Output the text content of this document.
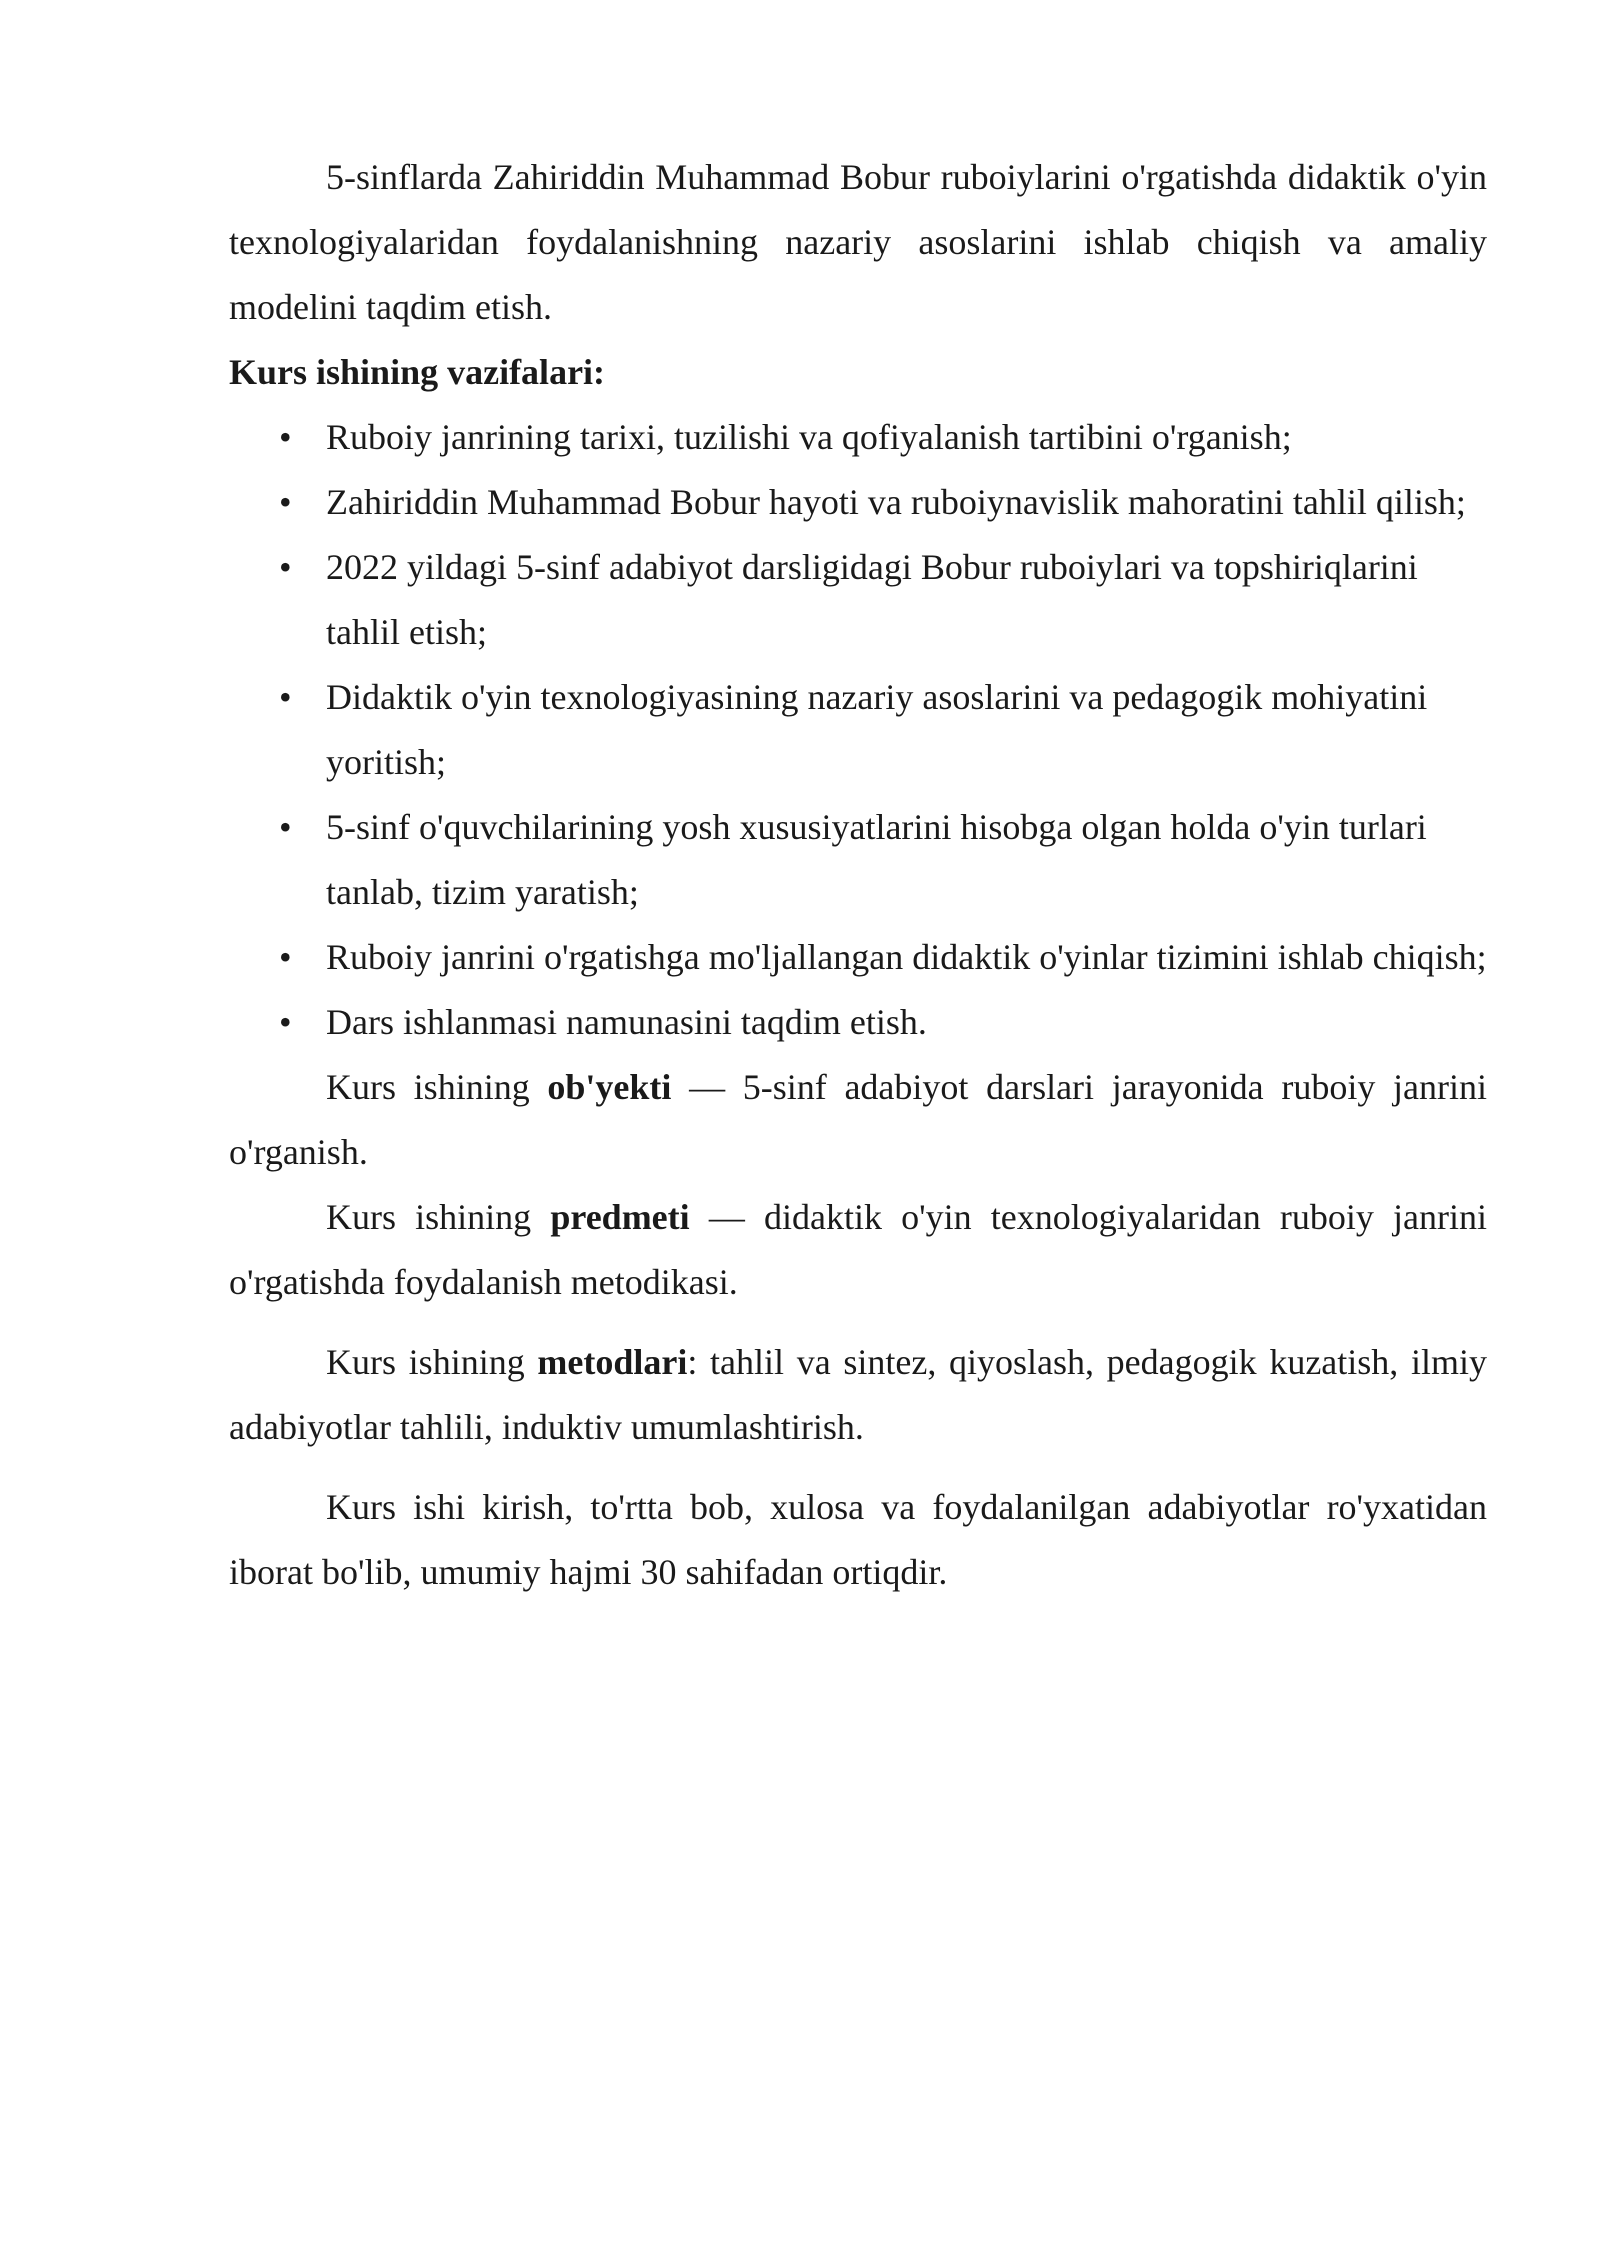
5-sinflarda Zahiriddin Muhammad Bobur ruboiylarini o'rgatishda didaktik o'yin texnologiyalaridan foydalanishning nazariy asoslarini ishlab chiqish va amaliy modelini taqdim etish.

Kurs ishining vazifalari:

• Ruboiy janrining tarixi, tuzilishi va qofiyalanish tartibini o'rganish;
• Zahiriddin Muhammad Bobur hayoti va ruboiynavislik mahoratini tahlil qilish;
• 2022 yildagi 5-sinf adabiyot darsligidagi Bobur ruboiylari va topshiriqlarini tahlil etish;
• Didaktik o'yin texnologiyasining nazariy asoslarini va pedagogik mohiyatini yoritish;
• 5-sinf o'quvchilarining yosh xususiyatlarini hisobga olgan holda o'yin turlari tanlab, tizim yaratish;
• Ruboiy janrini o'rgatishga mo'ljallangan didaktik o'yinlar tizimini ishlab chiqish;
• Dars ishlanmasi namunasini taqdim etish.

Kurs ishining ob'yekti — 5-sinf adabiyot darslari jarayonida ruboiy janrini o'rganish.

Kurs ishining predmeti — didaktik o'yin texnologiyalaridan ruboiy janrini o'rgatishda foydalanish metodikasi.

Kurs ishining metodlari: tahlil va sintez, qiyoslash, pedagogik kuzatish, ilmiy adabiyotlar tahlili, induktiv umumlashtirish.

Kurs ishi kirish, to'rtta bob, xulosa va foydalanilgan adabiyotlar ro'yxatidan iborat bo'lib, umumiy hajmi 30 sahifadan ortiqdir.
